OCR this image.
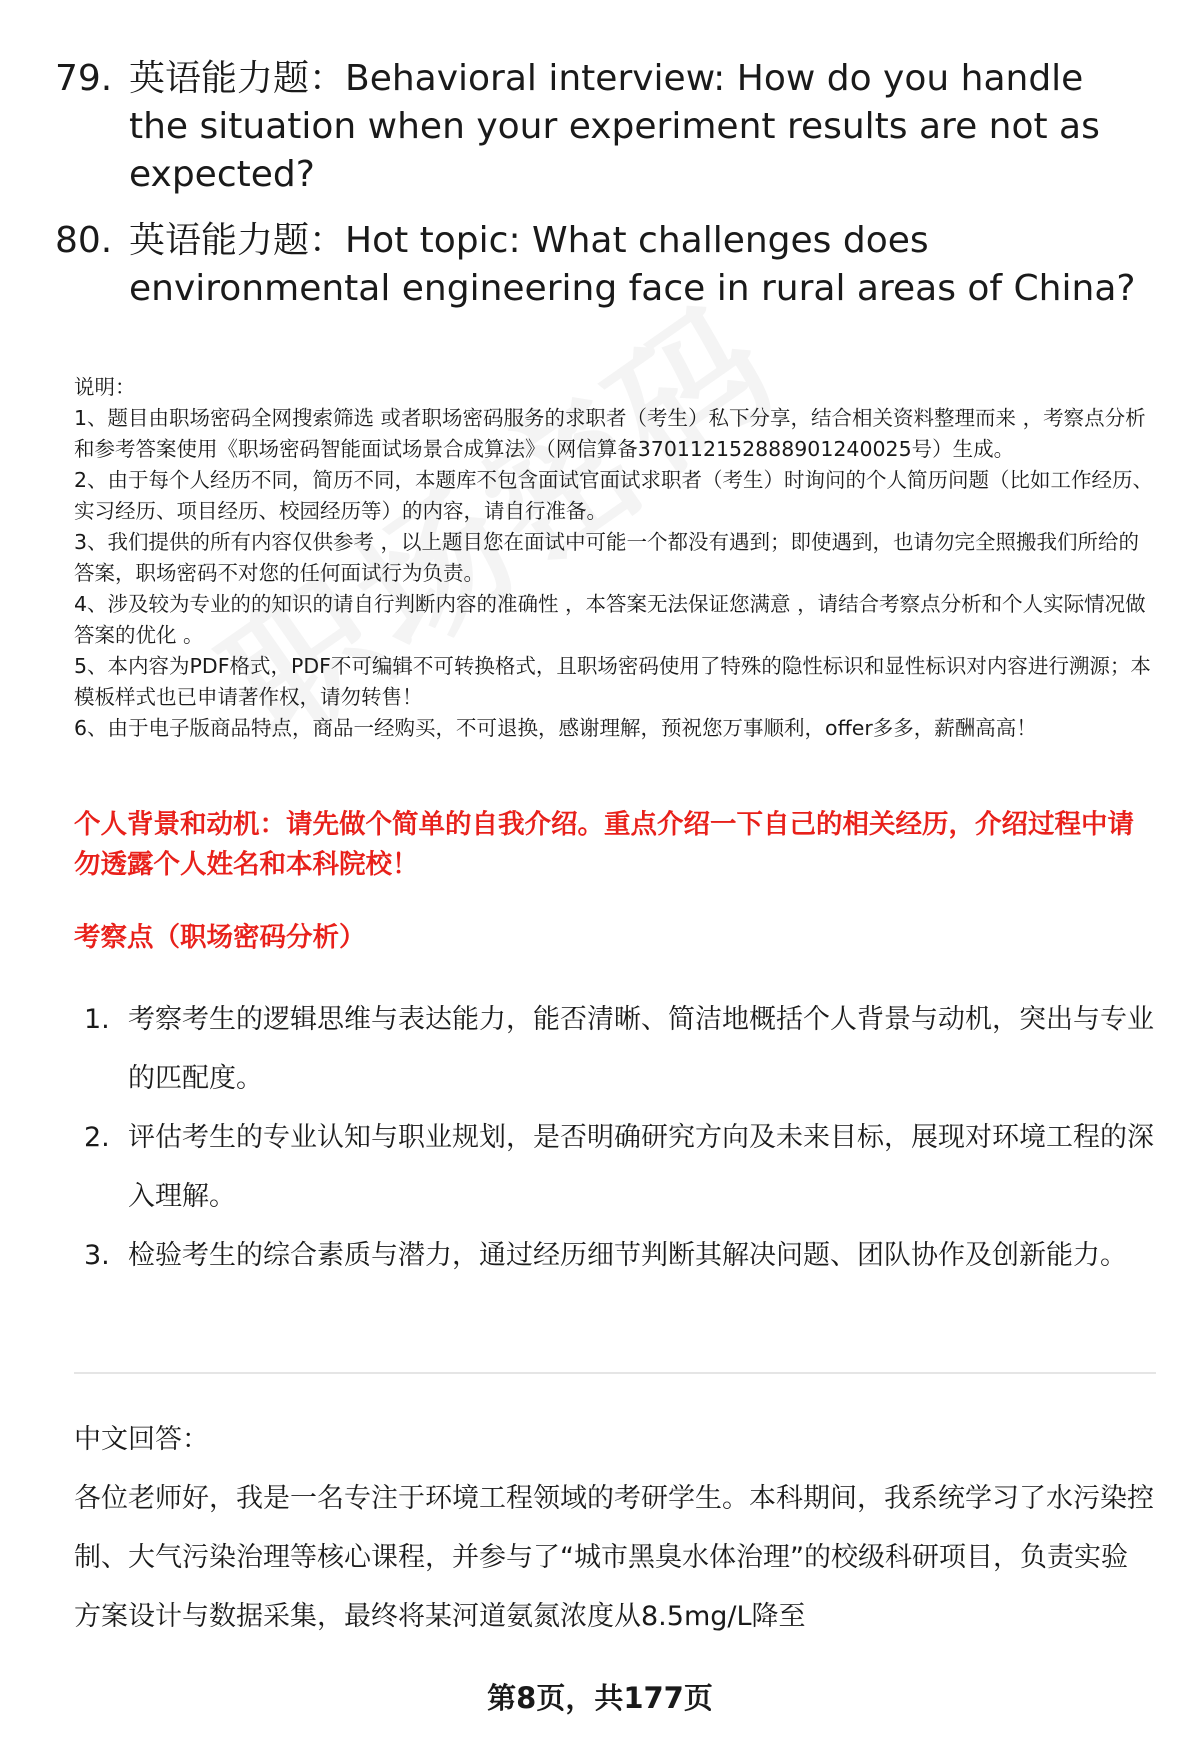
79. 英语能力题：Behavioral interview: How do you handle the situation when your experiment results are not as expected?
80. 英语能力题：Hot topic: What challenges does environmental engineering face in rural areas of China?

说明：

1、题目由职场密码全网搜索筛选 或者职场密码服务的求职者（考生）私下分享，结合相关资料整理而来 ，考察点分析和参考答案使用《职场密码智能面试场景合成算法》（网信算备370112152888901240025号）生成。

2、由于每个人经历不同，简历不同，本题库不包含面试官面试求职者（考生）时询问的个人简历问题（比如工作经历、实习经历、项目经历、校园经历等）的内容，请自行准备。

3、我们提供的所有内容仅供参考 ，以上题目您在面试中可能一个都没有遇到；即使遇到，也请勿完全照搬我们所给的答案，职场密码不对您的任何面试行为负责。

4、涉及较为专业的的知识的请自行判断内容的准确性 ，本答案无法保证您满意 ，请结合考察点分析和个人实际情况做答案的优化 。

5、本内容为PDF格式，PDF不可编辑不可转换格式，且职场密码使用了特殊的隐性标识和显性标识对内容进行溯源；本模板样式也已申请著作权，请勿转售！

6、由于电子版商品特点，商品一经购买，不可退换，感谢理解，预祝您万事顺利，offer多多，薪酬高高！

个人背景和动机：请先做个简单的自我介绍。重点介绍一下自己的相关经历，介绍过程中请勿透露个人姓名和本科院校！
考察点（职场密码分析）
1. 考察考生的逻辑思维与表达能力，能否清晰、简洁地概括个人背景与动机，突出与专业的匹配度。
2. 评估考生的专业认知与职业规划，是否明确研究方向及未来目标，展现对环境工程的深入理解。
3. 检验考生的综合素质与潜力，通过经历细节判断其解决问题、团队协作及创新能力。

中文回答：

各位老师好，我是一名专注于环境工程领域的考研学生。本科期间，我系统学习了水污染控制、大气污染治理等核心课程，并参与了“城市黑臭水体治理”的校级科研项目，负责实验方案设计与数据采集，最终将某河道氨氮浓度从8.5mg/L降至

第8页，共177页
